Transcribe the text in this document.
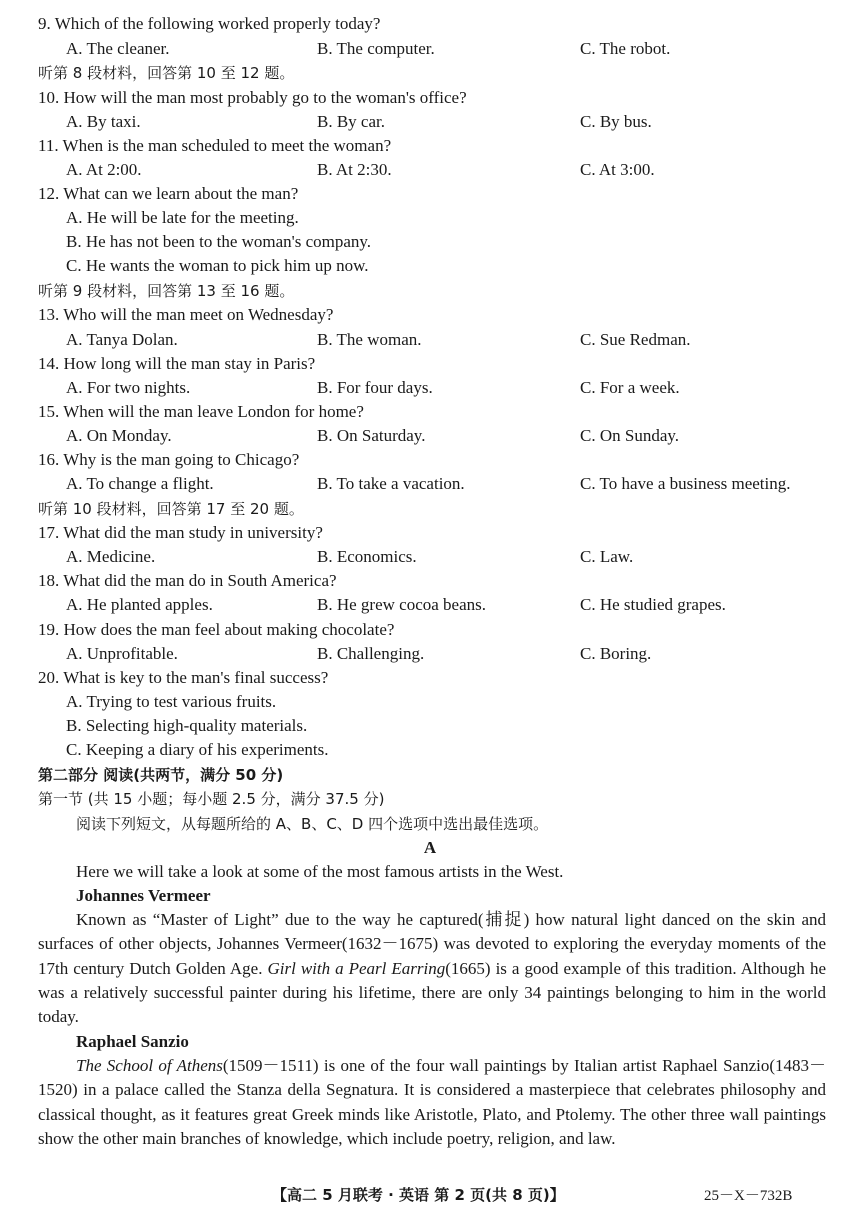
9. Which of the following worked properly today?
A. The cleaner.	B. The computer.	C. The robot.
听第 8 段材料，回答第 10 至 12 题。
10. How will the man most probably go to the woman's office?
A. By taxi.	B. By car.	C. By bus.
11. When is the man scheduled to meet the woman?
A. At 2:00.	B. At 2:30.	C. At 3:00.
12. What can we learn about the man?
A. He will be late for the meeting.
B. He has not been to the woman's company.
C. He wants the woman to pick him up now.
听第 9 段材料，回答第 13 至 16 题。
13. Who will the man meet on Wednesday?
A. Tanya Dolan.	B. The woman.	C. Sue Redman.
14. How long will the man stay in Paris?
A. For two nights.	B. For four days.	C. For a week.
15. When will the man leave London for home?
A. On Monday.	B. On Saturday.	C. On Sunday.
16. Why is the man going to Chicago?
A. To change a flight.	B. To take a vacation.	C. To have a business meeting.
听第 10 段材料，回答第 17 至 20 题。
17. What did the man study in university?
A. Medicine.	B. Economics.	C. Law.
18. What did the man do in South America?
A. He planted apples.	B. He grew cocoa beans.	C. He studied grapes.
19. How does the man feel about making chocolate?
A. Unprofitable.	B. Challenging.	C. Boring.
20. What is key to the man's final success?
A. Trying to test various fruits.
B. Selecting high-quality materials.
C. Keeping a diary of his experiments.
第二部分 阅读(共两节，满分 50 分)
第一节 (共 15 小题；每小题 2.5 分，满分 37.5 分)
阅读下列短文，从每题所给的 A、B、C、D 四个选项中选出最佳选项。
A
Here we will take a look at some of the most famous artists in the West.
Johannes Vermeer
Known as “Master of Light” due to the way he captured(捕捉) how natural light danced on the skin and surfaces of other objects, Johannes Vermeer(1632－1675) was devoted to exploring the everyday moments of the 17th century Dutch Golden Age. Girl with a Pearl Earring(1665) is a good example of this tradition. Although he was a relatively successful painter during his lifetime, there are only 34 paintings belonging to him in the world today.
Raphael Sanzio
The School of Athens(1509－1511) is one of the four wall paintings by Italian artist Raphael Sanzio(1483－1520) in a palace called the Stanza della Segnatura. It is considered a masterpiece that celebrates philosophy and classical thought, as it features great Greek minds like Aristotle, Plato, and Ptolemy. The other three wall paintings show the other main branches of knowledge, which include poetry, religion, and law.
【高二 5 月联考 · 英语 第 2 页(共 8 页)】	25－X－732B
